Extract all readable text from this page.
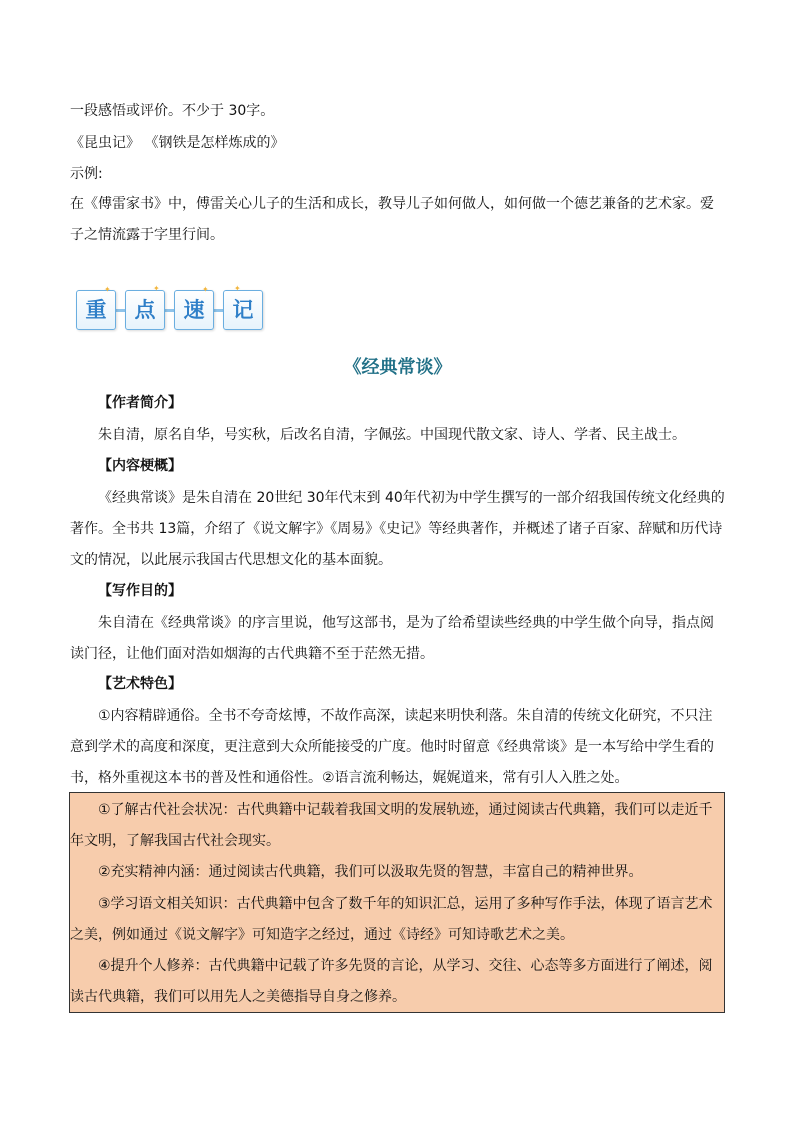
一段感悟或评价。不少于 30字。
《昆虫记》 《钢铁是怎样炼成的》
示例:
在《傅雷家书》中，傅雷关心儿子的生活和成长，教导儿子如何做人，如何做一个德艺兼备的艺术家。爱子之情流露于字里行间。
重	点	速	记
✦	✦	✦	✦
《经典常谈》
【作者简介】
朱自清，原名自华，号实秋，后改名自清，字佩弦。中国现代散文家、诗人、学者、民主战士。
【内容梗概】
《经典常谈》是朱自清在 20世纪 30年代末到 40年代初为中学生撰写的一部介绍我国传统文化经典的著作。全书共 13篇，介绍了《说文解字》《周易》《史记》等经典著作，并概述了诸子百家、辞赋和历代诗文的情况，以此展示我国古代思想文化的基本面貌。
【写作目的】
朱自清在《经典常谈》的序言里说，他写这部书，是为了给希望读些经典的中学生做个向导，指点阅读门径，让他们面对浩如烟海的古代典籍不至于茫然无措。
【艺术特色】
①内容精辟通俗。全书不夸奇炫博，不故作高深，读起来明快利落。朱自清的传统文化研究，不只注意到学术的高度和深度，更注意到大众所能接受的广度。他时时留意《经典常谈》是一本写给中学生看的书，格外重视这本书的普及性和通俗性。②语言流利畅达，娓娓道来，常有引人入胜之处。
①了解古代社会状况：古代典籍中记载着我国文明的发展轨迹，通过阅读古代典籍，我们可以走近千年文明，了解我国古代社会现实。
②充实精神内涵：通过阅读古代典籍，我们可以汲取先贤的智慧，丰富自己的精神世界。
③学习语文相关知识：古代典籍中包含了数千年的知识汇总，运用了多种写作手法，体现了语言艺术之美，例如通过《说文解字》可知造字之经过，通过《诗经》可知诗歌艺术之美。
④提升个人修养：古代典籍中记载了许多先贤的言论，从学习、交往、心态等多方面进行了阐述，阅读古代典籍，我们可以用先人之美德指导自身之修养。
